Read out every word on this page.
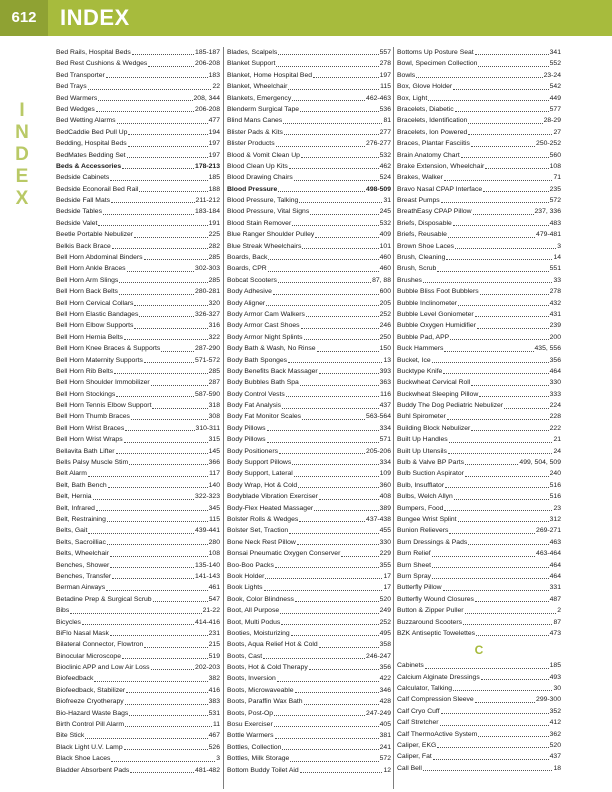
612	INDEX
I
N
D
E
X
Bed Rails, Hospital Beds	185-187
Bed Rest Cushions & Wedges	206-208
Bed Transporter	183
Bed Trays	22
Bed Warmers	208, 344
Bed Wedges	206-208
Bed Wetting Alarms	477
BedCaddie Bed Pull Up	194
Bedding, Hospital Beds	197
BedMates Bedding Set	197
Beds & Accessories	178-213
Bedside Cabinets	185
Bedside Econorail Bed Rail	188
Bedside Fall Mats	211-212
Bedside Tables	183-184
Bedside Valet	191
Beetle Portable Nebulizer	225
Belkis Back Brace	282
Bell Horn Abdominal Binders	285
Bell Horn Ankle Braces	302-303
Bell Horn Arm Slings	285
Bell Horn Back Belts	280-281
Bell Horn Cervical Collars	320
Bell Horn Elastic Bandages	326-327
Bell Horn Elbow Supports	316
Bell Horn Hernia Belts	322
Bell Horn Knee Braces & Supports	287-290
Bell Horn Maternity Supports	571-572
Bell Horn Rib Belts	285
Bell Horn Shoulder Immobilizer	287
Bell Horn Stockings	587-590
Bell Horn Tennis Elbow Support	318
Bell Horn Thumb Braces	308
Bell Horn Wrist Braces	310-311
Bell Horn Wrist Wraps	315
Bellavita Bath Lifter	145
Bells Palsy Muscle Stim	366
Belt Alarm	117
Belt, Bath Bench	140
Belt, Hernia	322-323
Belt, Infrared	345
Belt, Restraining	115
Belts, Gait	439-441
Belts, Sacroilliac	280
Belts, Wheelchair	108
Benches, Shower	135-140
Benches, Transfer	141-143
Berman Airways	461
Betadine Prep & Surgical Scrub	547
Bibs	21-22
Bicycles	414-416
BiFlo Nasal Mask	231
Bilateral Connector, Flowtron	215
Binocular Microscope	519
Bioclinic APP and Low Air Loss	202-203
Biofeedback	382
Biofeedback, Stabilizer	416
Biofreeze Cryotherapy	383
Bio-Hazard Waste Bags	531
Birth Control Pill Alarm	11
Bite Stick	467
Black Light U.V. Lamp	526
Black Shoe Laces	3
Bladder Absorbent Pads	481-482
Blades, Scalpels	557
Blanket Support	278
Blanket, Home Hospital Bed	197
Blanket, Wheelchair	115
Blankets, Emergency	462-463
Blenderm Surgical Tape	536
Blind Mans Canes	81
Blister Pads & Kits	277
Blister Products	276-277
Blood & Vomit Clean Up	532
Blood Clean Up Kits	462
Blood Drawing Chairs	524
Blood Pressure	498-509
Blood Pressure, Talking	31
Blood Pressure, Vital Signs	245
Blood Stain Remover	532
Blue Ranger Shoulder Pulley	409
Blue Streak Wheelchairs	101
Boards, Back	460
Boards, CPR	460
Bobcat Scooters	87, 88
Body Adhesive	600
Body Aligner	205
Body Armor Cam Walkers	252
Body Armor Cast Shoes	246
Body Armor Night Splints	250
Body Bath & Wash, No Rinse	150
Body Bath Sponges	13
Body Benefits Back Massager	393
Body Bubbles Bath Spa	363
Body Control Vests	116
Body Fat Analysis	437
Body Fat Monitor Scales	563-564
Body Pillows	334
Body Pillows	571
Body Positioners	205-206
Body Support Pillows	334
Body Support, Lateral	109
Body Wrap, Hot & Cold	360
Bodyblade Vibration Exerciser	408
Body-Flex Heated Massager	389
Bolster Rolls & Wedges	437-438
Bolster Set, Traction	455
Bone Neck Rest Pillow	330
Bonsai Pneumatic Oxygen Conserver	229
Boo-Boo Packs	355
Book Holder	17
Book Lights	17
Book, Color Blindness	520
Boot, All Purpose	249
Boot, Multi Podus	252
Booties, Moisturizing	495
Boots, Aqua Relief Hot & Cold	358
Boots, Cast	246-247
Boots, Hot & Cold Therapy	356
Boots, Inversion	422
Boots, Microwaveable	346
Boots, Paraffin Wax Bath	428
Boots, Post-Op	247-249
Bosu Exerciser	405
Bottle Warmers	381
Bottles, Collection	241
Bottles, Milk Storage	572
Bottom Buddy Toilet Aid	12
Bottoms Up Posture Seat	341
Bowl, Specimen Collection	552
Bowls	23-24
Box, Glove Holder	542
Box, Light	449
Bracelets, Diabetic	577
Bracelets, Identification	28-29
Bracelets, Ion Powered	27
Braces, Plantar Fasciitis	250-252
Brain Anatomy Chart	560
Brake Extension, Wheelchair	108
Brakes, Walker	71
Bravo Nasal CPAP Interface	235
Breast Pumps	572
BreathEasy CPAP Pillow	237, 336
Briefs, Disposable	483
Briefs, Reusable	479-481
Brown Shoe Laces	3
Brush, Cleaning	14
Brush, Scrub	551
Brushes	33
Bubble Bliss Foot Bubblers	278
Bubble Inclinometer	432
Bubble Level Goniometer	431
Bubble Oxygen Humidifier	239
Bubble Pad, APP	200
Buck Hammers	435, 556
Bucket, Ice	356
Bucktype Knife	464
Buckwheat Cervical Roll	330
Buckwheat Sleeping Pillow	333
Buddy The Dog Pediatric Nebulizer	224
Buhl Spirometer	228
Building Block Nebulizer	222
Built Up Handles	21
Built Up Utensils	24
Bulb & Valve BP Parts	499, 504, 509
Bulb Suction Aspirator	240
Bulb, Insufflator	516
Bulbs, Welch Allyn	516
Bumpers, Food	23
Bungee Wrist Splint	312
Bunion Relievers	269-271
Burn Dressings & Pads	463
Burn Relief	463-464
Burn Sheet	464
Burn Spray	464
Butterfly Pillow	331
Butterfly Wound Closures	487
Button & Zipper Puller	2
Buzzaround Scooters	87
BZK Antiseptic Towelettes	473
C
Cabinets	185
Calcium Alginate Dressings	493
Calculator, Talking	30
Calf Compression Sleeve	299-300
Calf Cryo Cuff	352
Calf Stretcher	412
Calf ThermoActive System	362
Caliper, EKG	520
Caliper, Fat	437
Call Bell	18
